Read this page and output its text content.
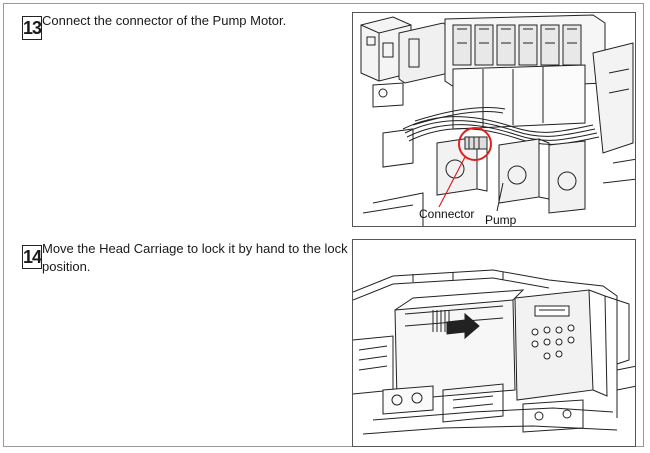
13 Connect the connector of the Pump Motor.
Connector Pump
14 Move the Head Carriage to lock it by hand to the lock
position.
